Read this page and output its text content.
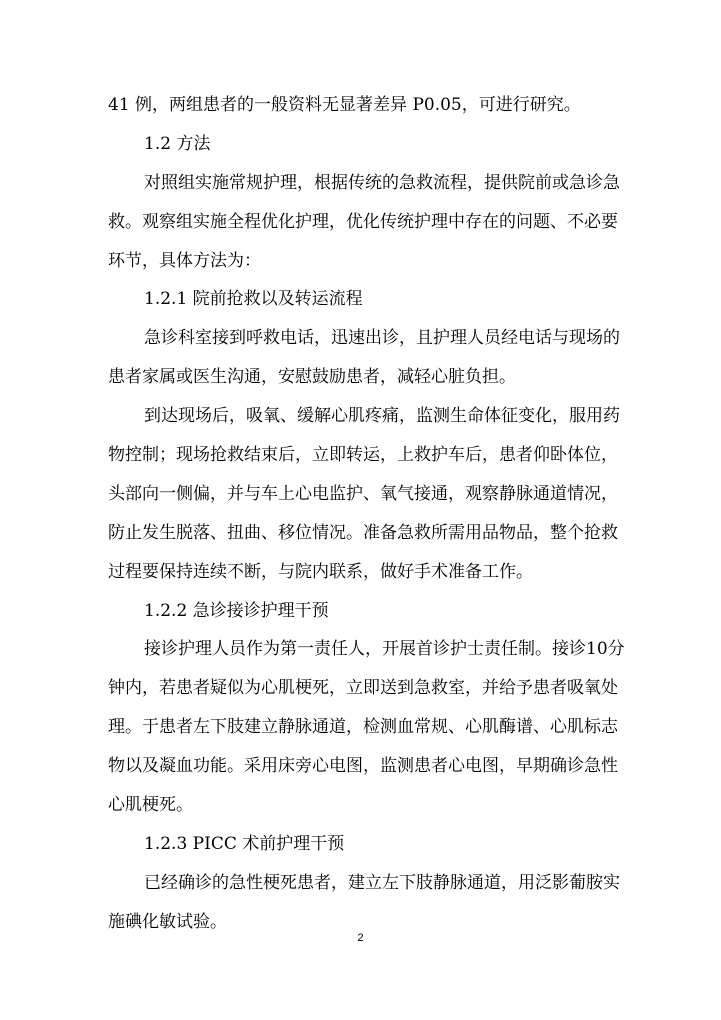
41 例，两组患者的一般资料无显著差异 P0.05，可进行研究。
1.2 方法
对 照 组 实 施 常 规 护 理 ， 根 据 传 统 的 急 救 流 程 ， 提 供 院 前 或 急 诊 急
救 。 观 察 组 实 施 全 程 优 化 护 理 ， 优 化 传 统 护 理 中 存 在 的 问 题 、 不 必 要
环节，具体方法为：
1.2.1 院前抢救以及转运流程
急 诊 科 室 接 到 呼 救 电 话 ， 迅 速 出 诊 ， 且 护 理 人 员 经 电 话 与 现 场 的
患者家属或医生沟通，安慰鼓励患者，减轻心脏负担。
到 达 现 场 后 ， 吸 氧 、 缓 解 心 肌 疼 痛 ， 监 测 生 命 体 征 变 化 ， 服 用 药
物 控 制 ； 现 场 抢 救 结 束 后 ， 立 即 转 运 ， 上 救 护 车 后 ， 患 者 仰 卧 体 位 ，
头 部 向 一 侧 偏 ， 并 与 车 上 心 电 监 护 、 氧 气 接 通 ， 观 察 静 脉 通 道 情 况 ，
防 止 发 生 脱 落 、 扭 曲 、 移 位 情 况 。 准 备 急 救 所 需 用 品 物 品 ， 整 个 抢 救
过程要保持连续不断，与院内联系，做好手术准备工作。
1.2.2 急诊接诊护理干预
接 诊 护 理 人 员 作 为 第 一 责 任 人 ， 开 展 首 诊 护 士 责 任 制 。 接 诊 1 0 分
钟 内 ， 若 患 者 疑 似 为 心 肌 梗 死 ， 立 即 送 到 急 救 室 ， 并 给 予 患 者 吸 氧 处
理 。 于 患 者 左 下 肢 建 立 静 脉 通 道 ， 检 测 血 常 规 、 心 肌 酶 谱 、 心 肌 标 志
物 以 及 凝 血 功 能 。 采 用 床 旁 心 电 图 ， 监 测 患 者 心 电 图 ， 早 期 确 诊 急 性
心肌梗死。
1.2.3 PICC 术前护理干预
已 经 确 诊 的 急 性 梗 死 患 者 ， 建 立 左 下 肢 静 脉 通 道 ， 用 泛 影 葡 胺 实
施碘化敏试验。
2
